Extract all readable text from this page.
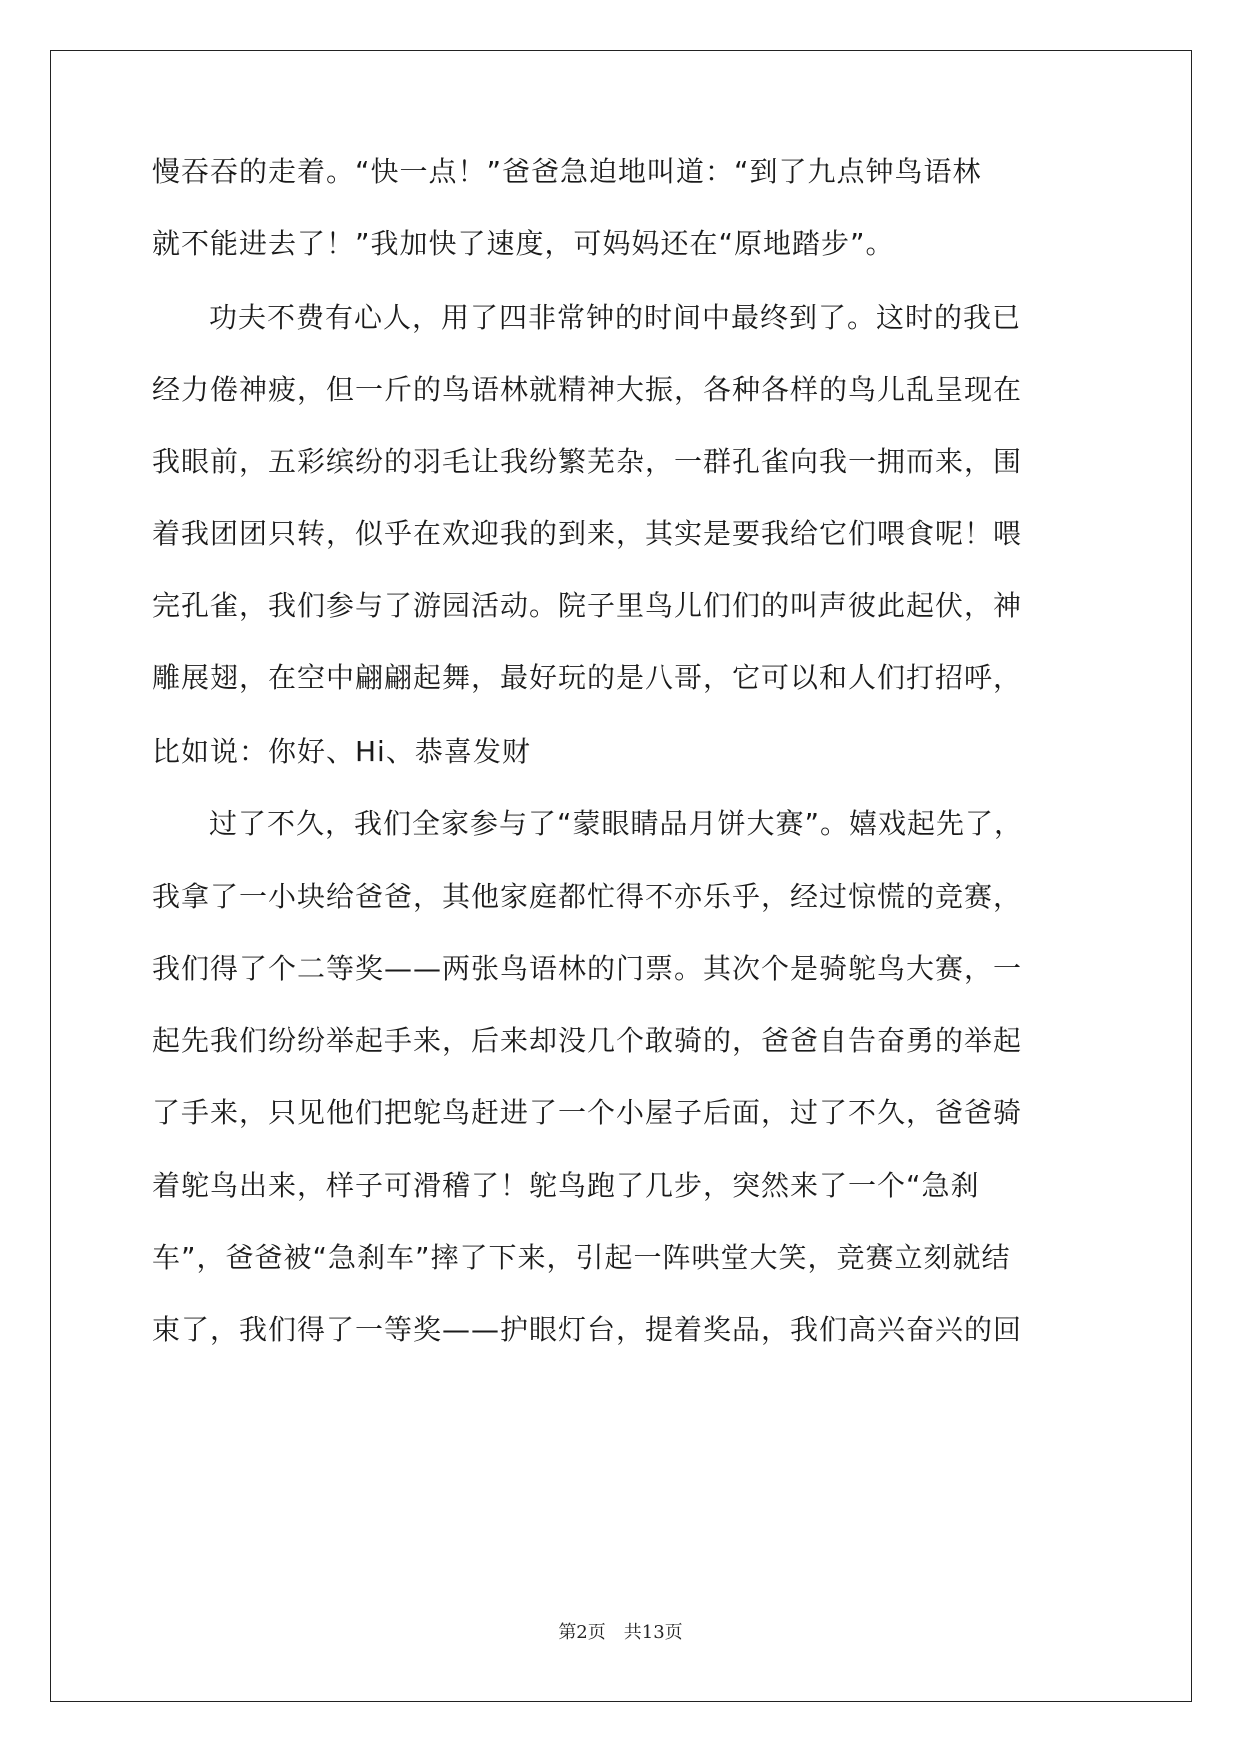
慢吞吞的走着。“快一点！”爸爸急迫地叫道：“到了九点钟鸟语林
就不能进去了！”我加快了速度，可妈妈还在“原地踏步”。
功夫不费有心人，用了四非常钟的时间中最终到了。这时的我已
经力倦神疲，但一斤的鸟语林就精神大振，各种各样的鸟儿乱呈现在
我眼前，五彩缤纷的羽毛让我纷繁芜杂，一群孔雀向我一拥而来，围
着我团团只转，似乎在欢迎我的到来，其实是要我给它们喂食呢！喂
完孔雀，我们参与了游园活动。院子里鸟儿们们的叫声彼此起伏，神
雕展翅，在空中翩翩起舞，最好玩的是八哥，它可以和人们打招呼，
比如说：你好、Hi、恭喜发财
过了不久，我们全家参与了“蒙眼睛品月饼大赛”。嬉戏起先了，
我拿了一小块给爸爸，其他家庭都忙得不亦乐乎，经过惊慌的竞赛，
我们得了个二等奖——两张鸟语林的门票。其次个是骑鸵鸟大赛，一
起先我们纷纷举起手来，后来却没几个敢骑的，爸爸自告奋勇的举起
了手来，只见他们把鸵鸟赶进了一个小屋子后面，过了不久，爸爸骑
着鸵鸟出来，样子可滑稽了！鸵鸟跑了几步，突然来了一个“急刹
车”，爸爸被“急刹车”摔了下来，引起一阵哄堂大笑，竞赛立刻就结
束了，我们得了一等奖——护眼灯台，提着奖品，我们高兴奋兴的回
第2页 共13页
